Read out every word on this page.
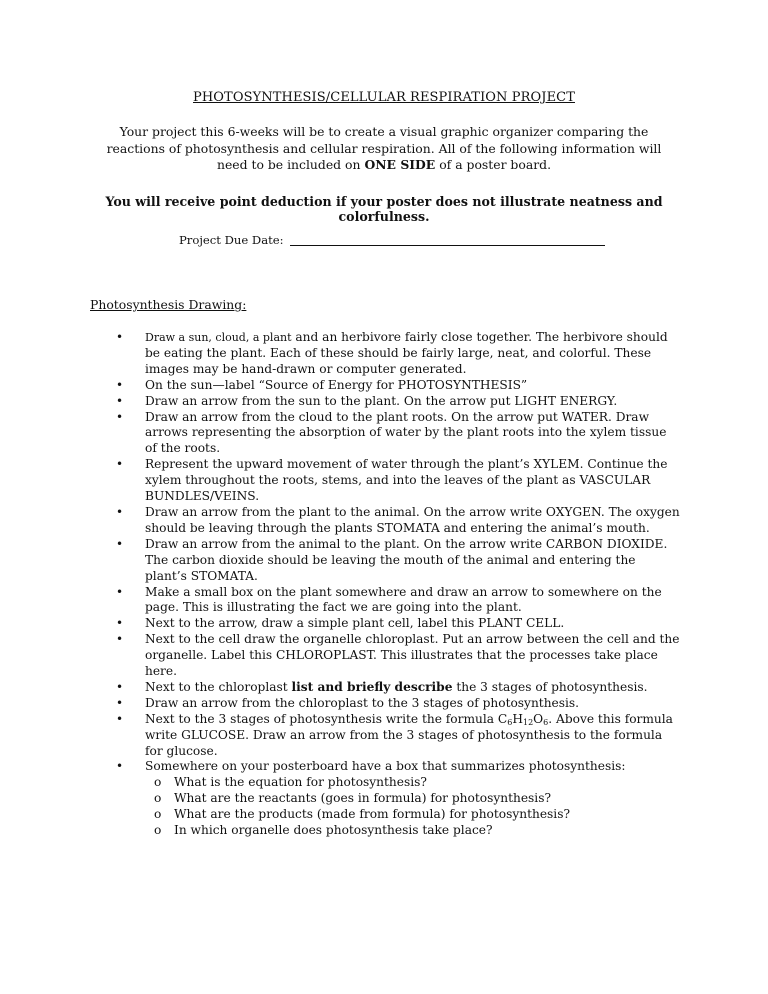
PHOTOSYNTHESIS/CELLULAR RESPIRATION PROJECT
Your project this 6-weeks will be to create a visual graphic organizer comparing the reactions of photosynthesis and cellular respiration. All of the following information will need to be included on ONE SIDE of a poster board.
You will receive point deduction if your poster does not illustrate neatness and colorfulness.
Project Due Date:
Photosynthesis Drawing:
• Draw a sun, cloud, a plant and an herbivore fairly close together. The herbivore should be eating the plant. Each of these should be fairly large, neat, and colorful. These images may be hand-drawn or computer generated.
• On the sun—label “Source of Energy for PHOTOSYNTHESIS”
• Draw an arrow from the sun to the plant. On the arrow put LIGHT ENERGY.
• Draw an arrow from the cloud to the plant roots. On the arrow put WATER. Draw arrows representing the absorption of water by the plant roots into the xylem tissue of the roots.
• Represent the upward movement of water through the plant’s XYLEM. Continue the xylem throughout the roots, stems, and into the leaves of the plant as VASCULAR BUNDLES/VEINS.
• Draw an arrow from the plant to the animal. On the arrow write OXYGEN. The oxygen should be leaving through the plants STOMATA and entering the animal’s mouth.
• Draw an arrow from the animal to the plant. On the arrow write CARBON DIOXIDE. The carbon dioxide should be leaving the mouth of the animal and entering the plant’s STOMATA.
• Make a small box on the plant somewhere and draw an arrow to somewhere on the page. This is illustrating the fact we are going into the plant.
• Next to the arrow, draw a simple plant cell, label this PLANT CELL.
• Next to the cell draw the organelle chloroplast. Put an arrow between the cell and the organelle. Label this CHLOROPLAST. This illustrates that the processes take place here.
• Next to the chloroplast list and briefly describe the 3 stages of photosynthesis.
• Draw an arrow from the chloroplast to the 3 stages of photosynthesis.
• Next to the 3 stages of photosynthesis write the formula $C_6H_{12}O_6$. Above this formula write GLUCOSE. Draw an arrow from the 3 stages of photosynthesis to the formula for glucose.
• Somewhere on your posterboard have a box that summarizes photosynthesis:
o What is the equation for photosynthesis?
o What are the reactants (goes in formula) for photosynthesis?
o What are the products (made from formula) for photosynthesis?
o In which organelle does photosynthesis take place?
